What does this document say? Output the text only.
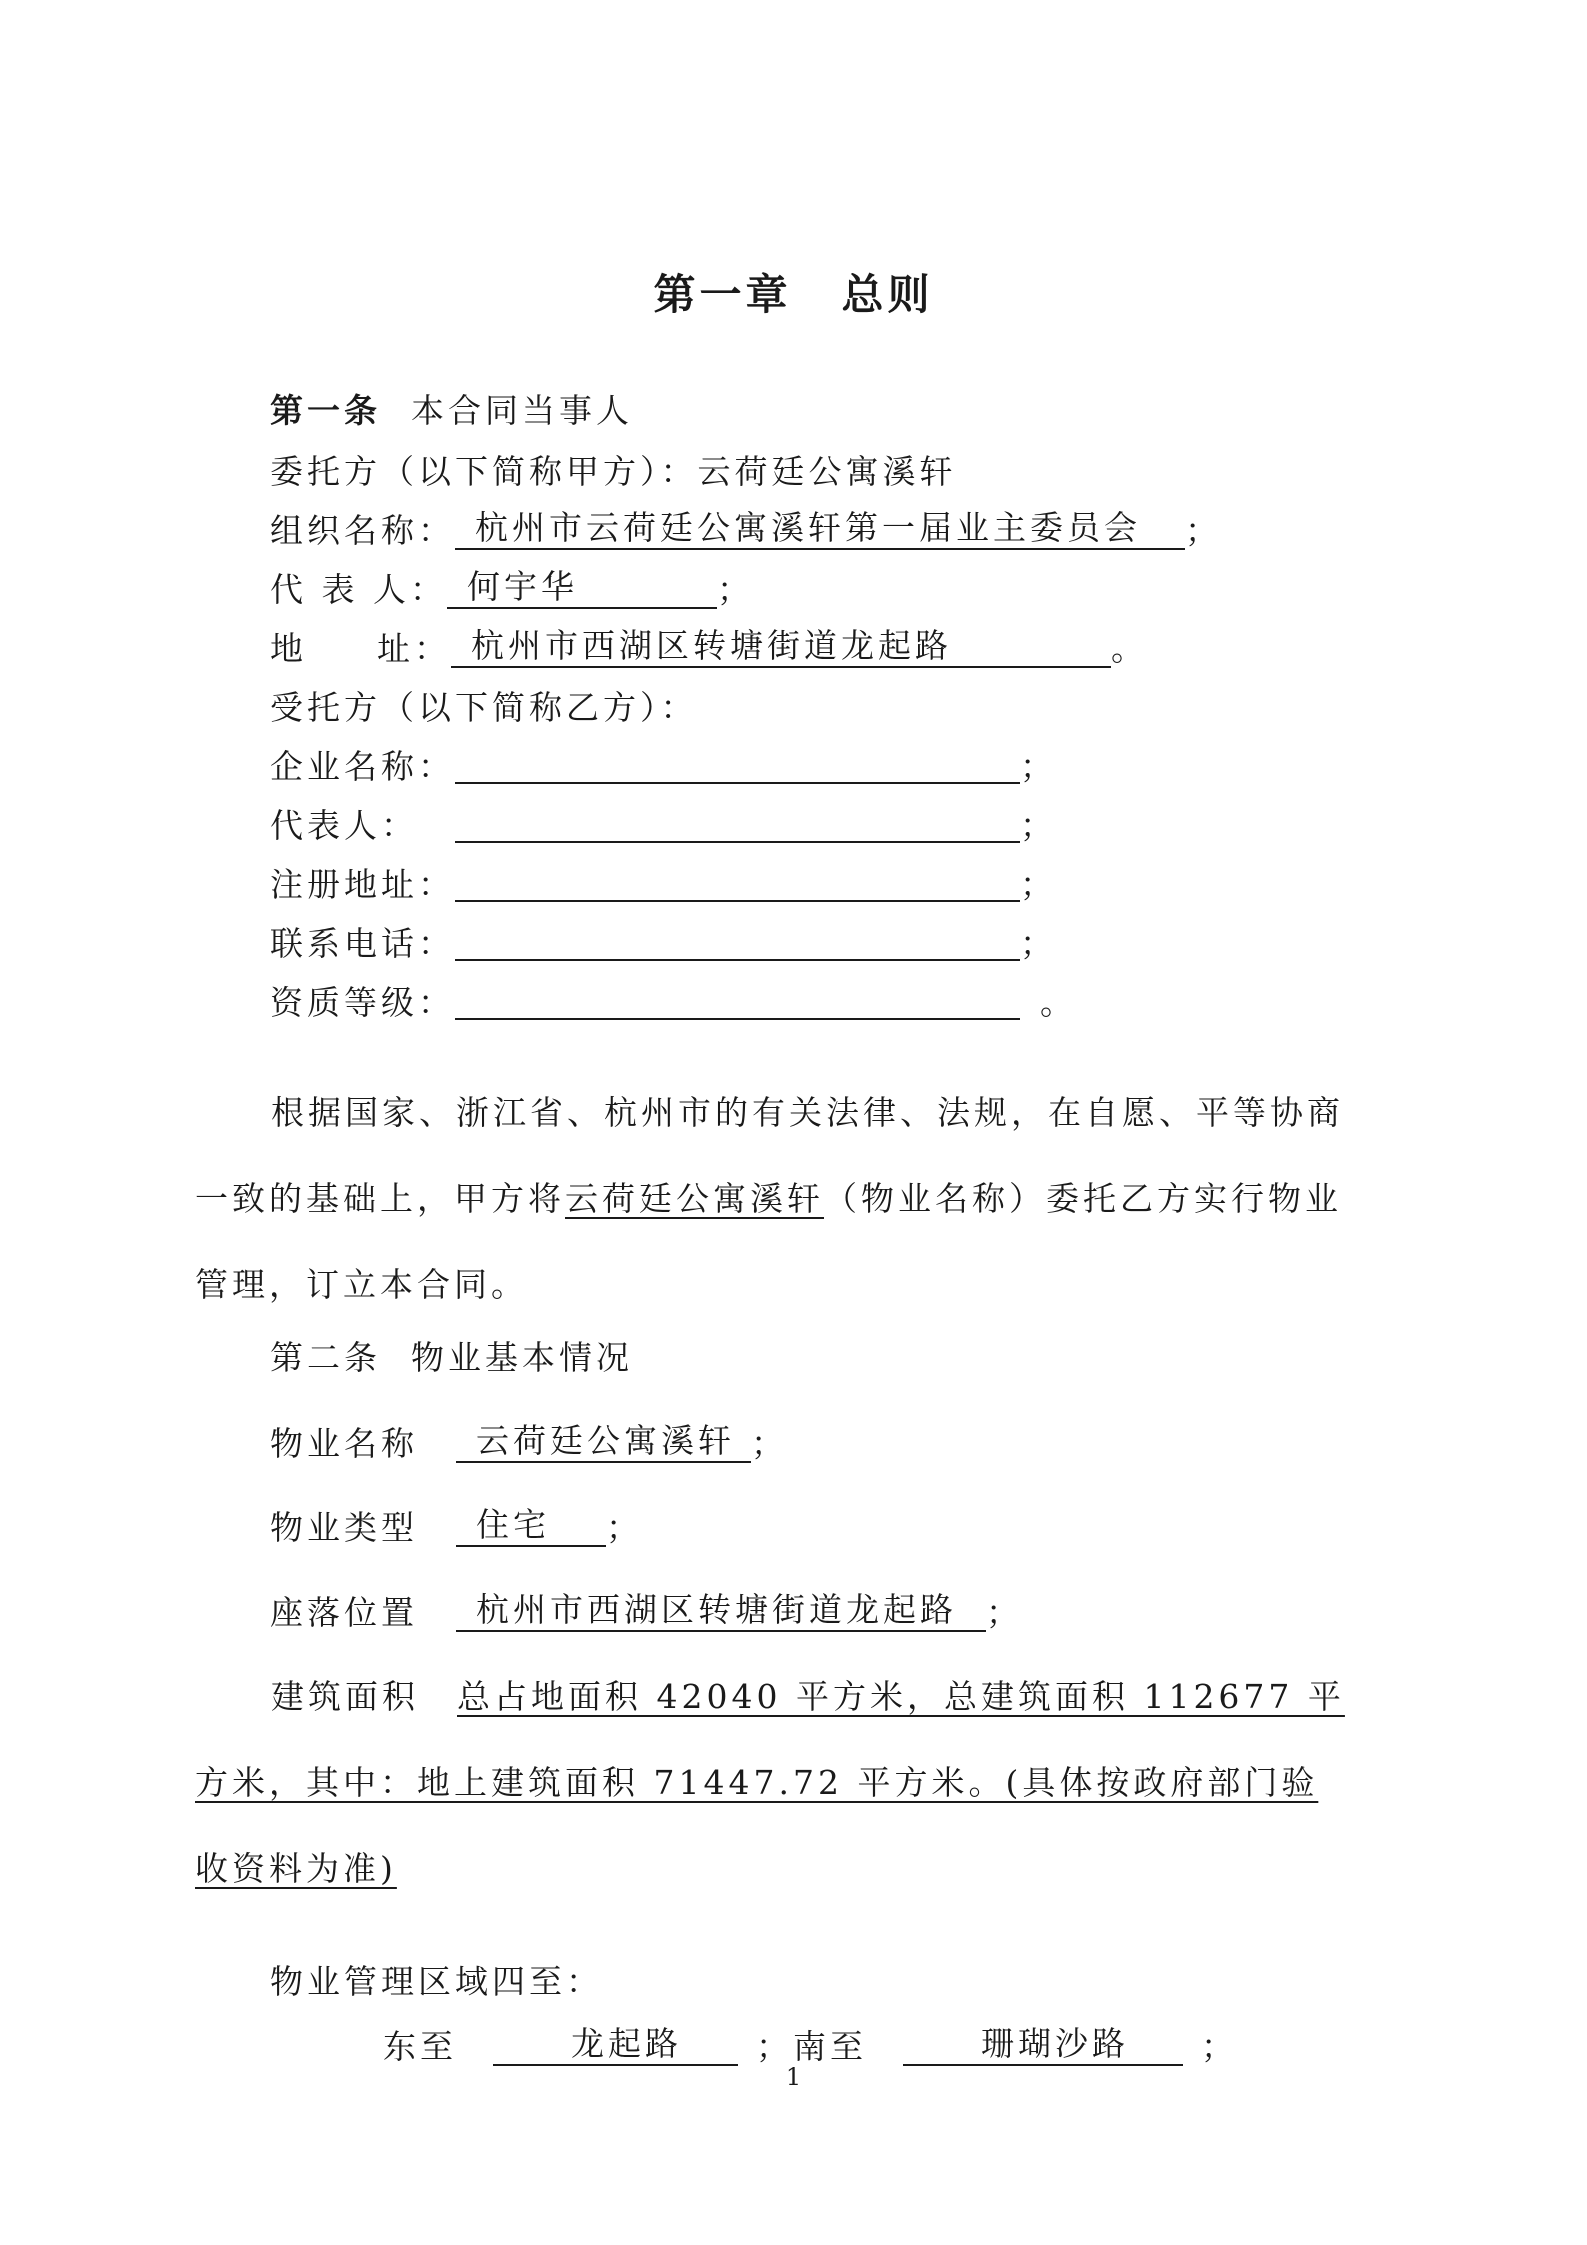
第一章 总则
第一条 本合同当事人
委托方（以下简称甲方）：云荷廷公寓溪轩
组织名称： 杭州市云荷廷公寓溪轩第一届业主委员会 ；
代 表 人： 何宇华	；
地 址： 杭州市西湖区转塘街道龙起路	。
受托方（以下简称乙方）：
企业名称：	；
代表人：	；
注册地址：	；
联系电话：	；
资质等级：	。
根据国家、浙江省、杭州市的有关法律、法规，在自愿、平等协商一致的基础上，甲方将云荷廷公寓溪轩（物业名称）委托乙方实行物业管理，订立本合同。
第二条 物业基本情况
物业名称 云荷廷公寓溪轩 ；
物业类型 住宅 ；
座落位置 杭州市西湖区转塘街道龙起路 ；
建筑面积 总占地面积 42040 平方米，总建筑面积 112677 平方米，其中：地上建筑面积 71447.72 平方米。(具体按政府部门验收资料为准)
物业管理区域四至：
东至	龙起路 ；南至	珊瑚沙路 ；
1
